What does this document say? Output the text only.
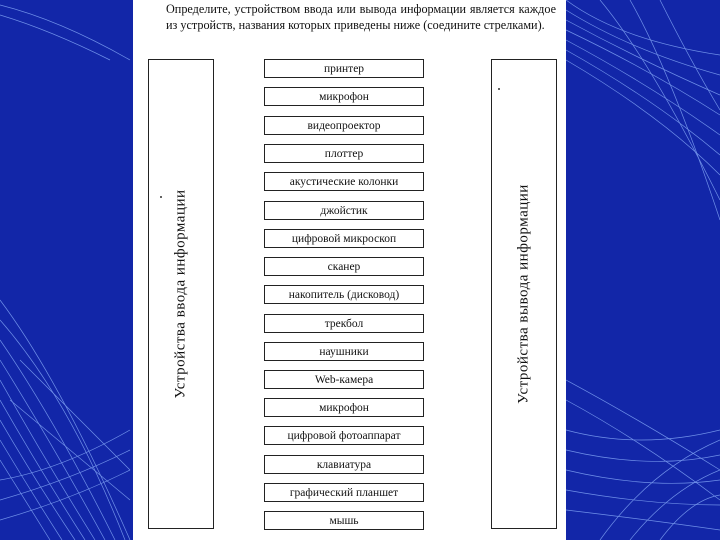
Определите, устройством ввода или вывода информации является каждое из устройств, названия которых приведены ниже (соедините стрелками).

Устройства ввода информации	Устройства вывода информации
принтер
микрофон
видеопроектор
плоттер
акустические колонки
джойстик
цифровой микроскоп
сканер
накопитель (дисковод)
трекбол
наушники
Web-камера
микрофон
цифровой фотоаппарат
клавиатура
графический планшет
мышь
